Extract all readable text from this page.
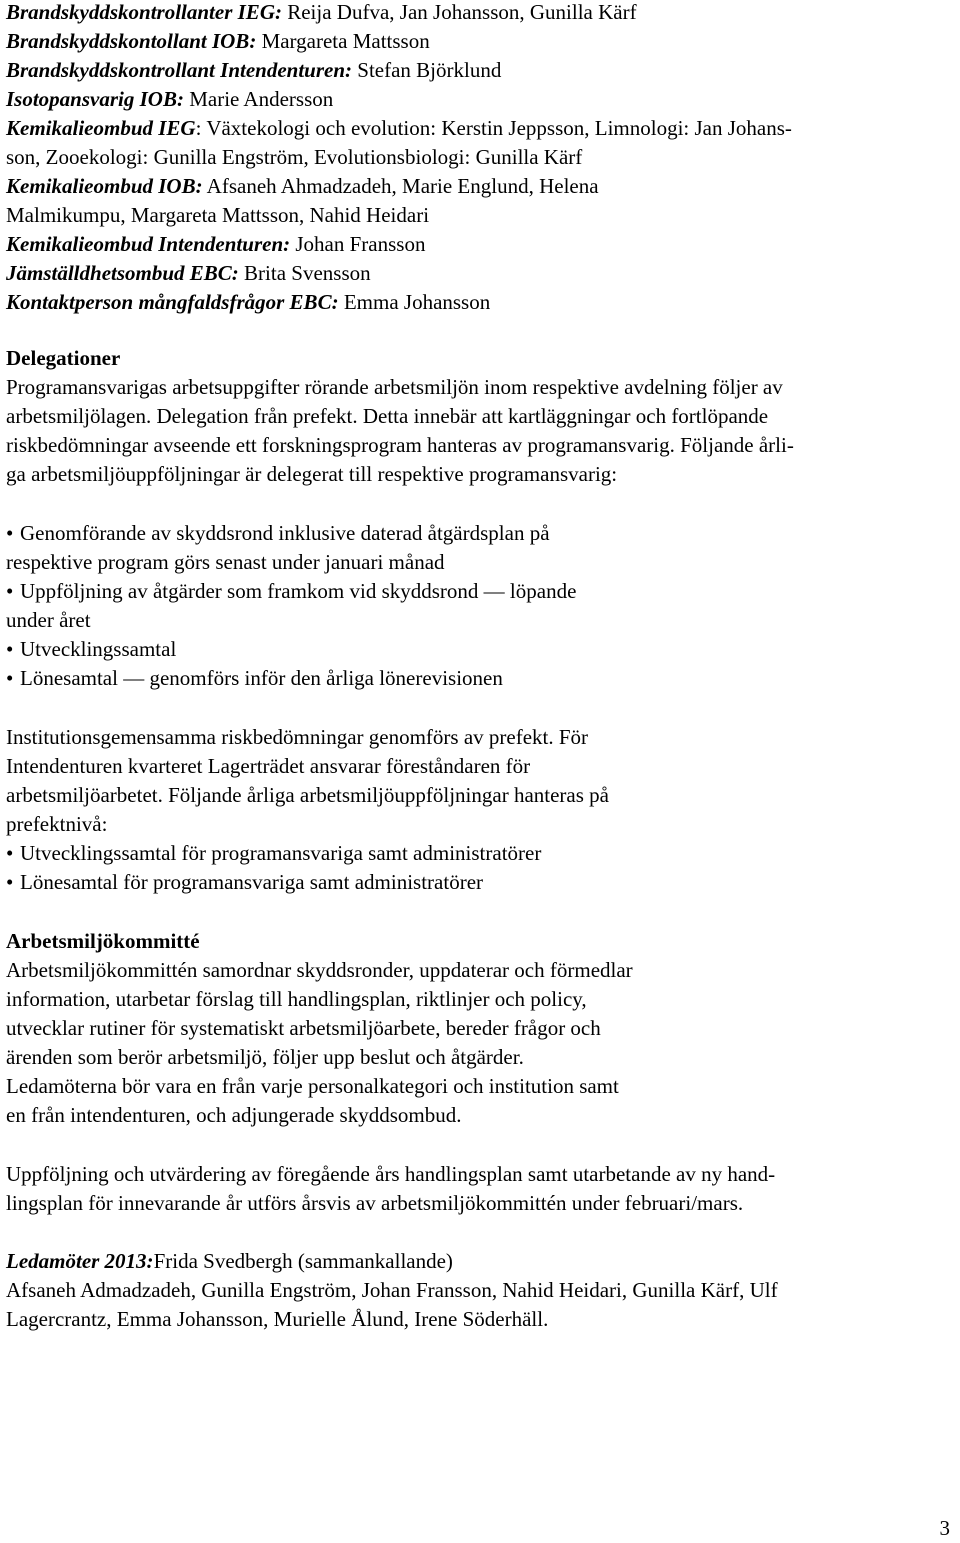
Brandskyddskontrollanter IEG: Reija Dufva, Jan Johansson, Gunilla Kärf
Brandskyddskontollant IOB: Margareta Mattsson
Brandskyddskontrollant Intendenturen: Stefan Björklund
Isotopansvarig IOB: Marie Andersson
Kemikalieombud IEG: Växtekologi och evolution: Kerstin Jeppsson, Limnologi: Jan Johans-
son, Zooekologi: Gunilla Engström, Evolutionsbiologi: Gunilla Kärf
Kemikalieombud IOB: Afsaneh Ahmadzadeh, Marie Englund, Helena
Malmikumpu, Margareta Mattsson, Nahid Heidari
Kemikalieombud Intendenturen: Johan Fransson
Jämställdhetsombud EBC: Brita Svensson
Kontaktperson mångfaldsfrågor EBC: Emma Johansson
Delegationer
Programansvarigas arbetsuppgifter rörande arbetsmiljön inom respektive avdelning följer av
arbetsmiljölagen. Delegation från prefekt. Detta innebär att kartläggningar och fortlöpande
riskbedömningar avseende ett forskningsprogram hanteras av programansvarig. Följande årli-
ga arbetsmiljöuppföljningar är delegerat till respektive programansvarig:
• Genomförande av skyddsrond inklusive daterad åtgärdsplan på
respektive program görs senast under januari månad
• Uppföljning av åtgärder som framkom vid skyddsrond — löpande
under året
• Utvecklingssamtal
• Lönesamtal — genomförs inför den årliga lönerevisionen
Institutionsgemensamma riskbedömningar genomförs av prefekt. För
Intendenturen kvarteret Lagerträdet ansvarar föreståndaren för
arbetsmiljöarbetet. Följande årliga arbetsmiljöuppföljningar hanteras på
prefektnivå:
• Utvecklingssamtal för programansvariga samt administratörer
• Lönesamtal för programansvariga samt administratörer
Arbetsmiljökommitté
Arbetsmiljökommittén samordnar skyddsronder, uppdaterar och förmedlar
information, utarbetar förslag till handlingsplan, riktlinjer och policy,
utvecklar rutiner för systematiskt arbetsmiljöarbete, bereder frågor och
ärenden som berör arbetsmiljö, följer upp beslut och åtgärder.
Ledamöterna bör vara en från varje personalkategori och institution samt
en från intendenturen, och adjungerade skyddsombud.
Uppföljning och utvärdering av föregående års handlingsplan samt utarbetande av ny hand-
lingsplan för innevarande år utförs årsvis av arbetsmiljökommittén under februari/mars.
Ledamöter 2013:Frida Svedbergh (sammankallande)
Afsaneh Admadzadeh, Gunilla Engström, Johan Fransson, Nahid Heidari, Gunilla Kärf, Ulf
Lagercrantz, Emma Johansson, Murielle Ålund, Irene Söderhäll.
3
